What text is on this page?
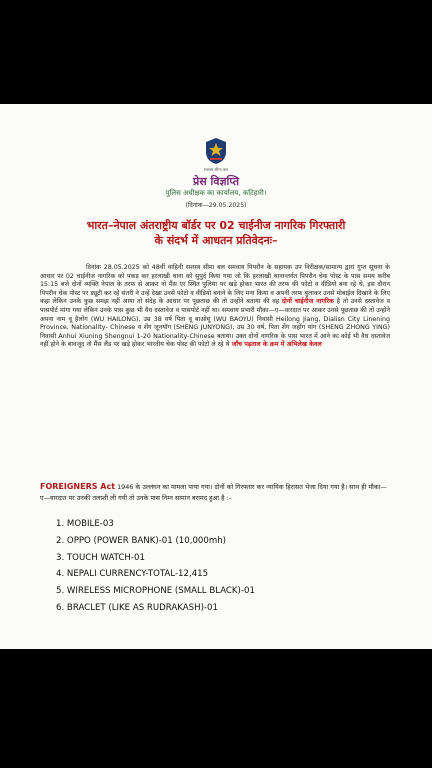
सशस्त्र सीमा बल
प्रेस विज्ञप्ति
पुलिस अधीक्षक का कार्यालय, कटिहारी।
(दिनांक—29.05.2025)
भारत–नेपाल अंतराष्ट्रीय बॉर्डर पर 02 चाईनीज नागरिक गिरफ्तारी
के संदर्भ में आधतन प्रतिवेदनः–
दिनांक 28.05.2025 को 48वीं वाहिनी सशस्त्र सीमा बल समवाय पिपरौन के सहायक उप निरीक्षक/सामान्य द्वारा गुप्त सूचना के आधार पर 02 चाईनीज नागरिक को पकड़ कर हरलाखी थाना को सुपुर्द किया गया जो कि हरलाखी थानान्तर्गत पिपरौन चेक पोस्ट के पास समय करीब 15:15 बजे दोनों व्यक्ति नेपाल के तरफ से आकर नो मैंस एर स्थित पुलिया पर खड़े होकर भारत की तरफ की फोटो व वीडियो बना रहे थे, इस दौरान पिपरौन चेक पोस्ट पर ड्यूटी कर रहे संतरी ने उन्हें देखा उनसे फोटो व वीडियो बनाने के लिए मना किया व अपनी तरफ बुलाकर उनसे मोबाईल दिखाने के लिए कहा लेकिन उनके कुछ समझ नहीं आया तो संदेह के आधार पर पूछताछ की तो उन्होंने बताया की वह दोनों चाईनीज नागरिक है तो उनसे दस्तावेज व पासपोर्ट मांगा गया लेकिन उनके पास कुछ भी वैध दस्तावेज व पासपोर्ट नहीं था। समवाय प्रभारी मौका—ए—वारदात पर आकर उनसे पूछताछ की तो उन्होंने अपना नाम वू हैलोंग (WU HAILONG), उम्र 38 वर्ष पिता वू बाओयू (WU BAOYU) निवासी Heilong Jiang, Dialisn City Linening Province, Nationality- Chinese व शेंग जूनयॉग (SHENG JUNYONG), उम्र 30 वर्ष, पिता शेंग जहोंग यांग (SHENG ZHONG YING) निवासी Anhui Xiuning Shengnui 1-20 Nationality-Chinese बताया। उक्त दोनों नागरिक के पास भारत में आने का कोई भी वैध दस्तावेज नहीं होने के बावजूद नो मैंस लैंड पर खड़े होकर भारतीय चेक पोस्ट की फोटो ले रहे थे जाँच पड़ताल के क्रम में अभिलेख केवल
FOREIGNERS Act 1946 के उल्लंघन का मामला पाया गया। दोनों को गिरफ्तार कर न्यायिक हिरासत भेजा दिया गया है। साथ ही मौका—ए—वारदात पर उनकी तलाशी ली गयी तो उनके पास निम्न सामान बरामद हुआ है :–
1. MOBILE-03
2. OPPO (POWER BANK)-01 (10,000mh)
3. TOUCH WATCH-01
4. NEPALI CURRENCY-TOTAL-12,415
5. WIRELESS MICROPHONE (SMALL BLACK)-01
6. BRACLET (LIKE AS RUDRAKASH)-01
